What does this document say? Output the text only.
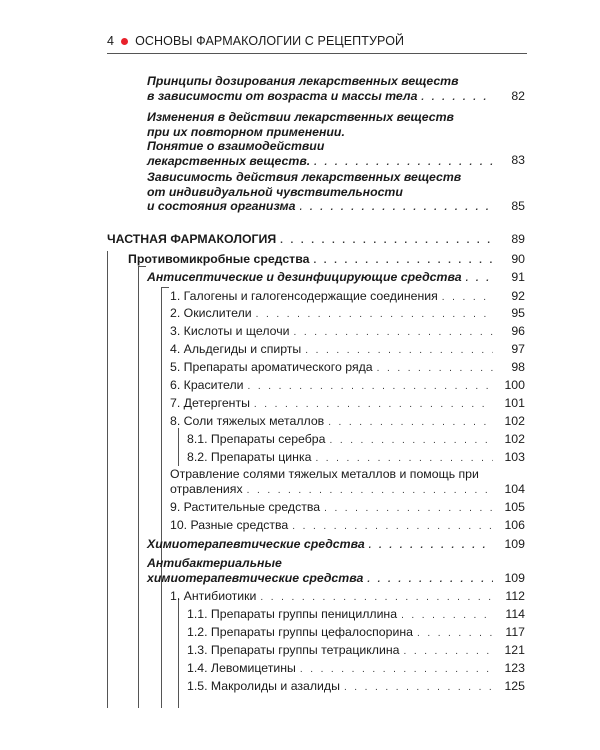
4 ОСНОВЫ ФАРМАКОЛОГИИ С РЕЦЕПТУРОЙ
Принципы дозирования лекарственных веществ
в зависимости от возраста и массы тела . . .	82
Изменения в действии лекарственных веществ
при их повторном применении.
Понятие о взаимодействии
лекарственных веществ. . . .	83
Зависимость действия лекарственных веществ
от индивидуальной чувствительности
и состояния организма . . .	85
ЧАСТНАЯ ФАРМАКОЛОГИЯ . . .	89
Противомикробные средства . . .	90
Антисептические и дезинфицирующие средства . . .	91
1. Галогены и галогенсодержащие соединения . . .	92
2. Окислители . . .	95
3. Кислоты и щелочи . . .	96
4. Альдегиды и спирты . . .	97
5. Препараты ароматического ряда . . .	98
6. Красители . . .	100
7. Детергенты . . .	101
8. Соли тяжелых металлов . . .	102
8.1. Препараты серебра . . .	102
8.2. Препараты цинка . . .	103
Отравление солями тяжелых металлов и помощь при
отравлениях . . .	104
9. Растительные средства . . .	105
10. Разные средства . . .	106
Химиотерапевтические средства . . .	109
Антибактериальные
химиотерапевтические средства . . .	109
1. Антибиотики . . .	112
1.1. Препараты группы пенициллина . . .	114
1.2. Препараты группы цефалоспорина . . .	117
1.3. Препараты группы тетрациклина . . .	121
1.4. Левомицетины . . .	123
1.5. Макролиды и азалиды . . .	125
